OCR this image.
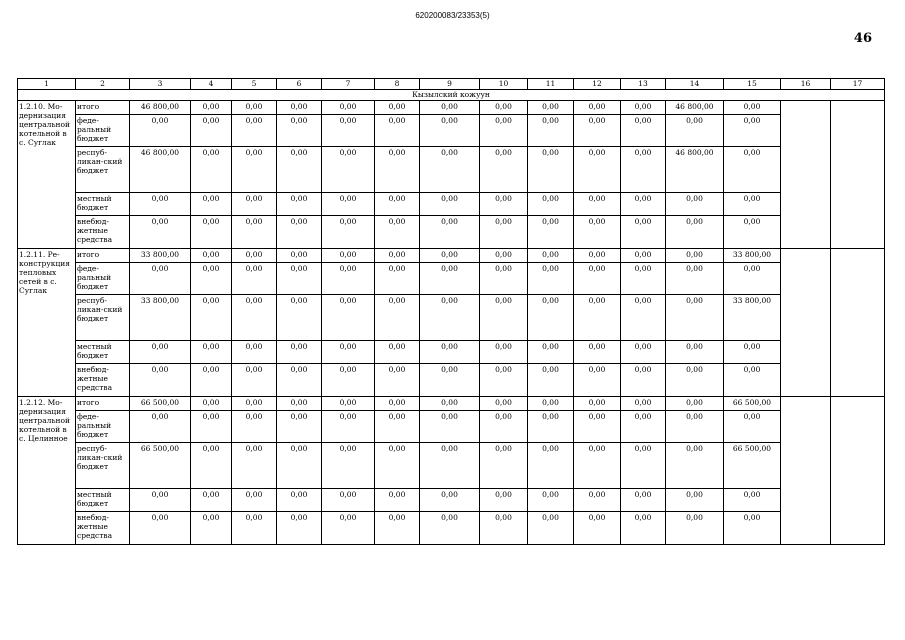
620200083/23353(5)
46
1	2	3	4	5	6	7	8	9	10	11	12	13	14	15	16	17
Кызылский кожуун																
1.2.10. Мо-дернизация центральной котельной в с. Суглак	итого	46 800,00	0,00	0,00	0,00	0,00	0,00	0,00	0,00	0,00	0,00	0,00	46 800,00	0,00		
	феде-ральный бюджет	0,00	0,00	0,00	0,00	0,00	0,00	0,00	0,00	0,00	0,00	0,00	0,00	0,00		
	респуб-ликан-ский бюджет	46 800,00	0,00	0,00	0,00	0,00	0,00	0,00	0,00	0,00	0,00	0,00	46 800,00	0,00		
	местный бюджет	0,00	0,00	0,00	0,00	0,00	0,00	0,00	0,00	0,00	0,00	0,00	0,00	0,00		
	внебюд-жетные средства	0,00	0,00	0,00	0,00	0,00	0,00	0,00	0,00	0,00	0,00	0,00	0,00	0,00		
1.2.11. Ре-конструкция тепловых сетей в с. Суглак	итого	33 800,00	0,00	0,00	0,00	0,00	0,00	0,00	0,00	0,00	0,00	0,00	0,00	33 800,00		
	феде-ральный бюджет	0,00	0,00	0,00	0,00	0,00	0,00	0,00	0,00	0,00	0,00	0,00	0,00	0,00		
	респуб-ликан-ский бюджет	33 800,00	0,00	0,00	0,00	0,00	0,00	0,00	0,00	0,00	0,00	0,00	0,00	33 800,00		
	местный бюджет	0,00	0,00	0,00	0,00	0,00	0,00	0,00	0,00	0,00	0,00	0,00	0,00	0,00		
	внебюд-жетные средства	0,00	0,00	0,00	0,00	0,00	0,00	0,00	0,00	0,00	0,00	0,00	0,00	0,00		
1.2.12. Мо-дернизация центральной котельной в с. Целинное	итого	66 500,00	0,00	0,00	0,00	0,00	0,00	0,00	0,00	0,00	0,00	0,00	0,00	66 500,00		
	феде-ральный бюджет	0,00	0,00	0,00	0,00	0,00	0,00	0,00	0,00	0,00	0,00	0,00	0,00	0,00		
	респуб-ликан-ский бюджет	66 500,00	0,00	0,00	0,00	0,00	0,00	0,00	0,00	0,00	0,00	0,00	0,00	66 500,00		
	местный бюджет	0,00	0,00	0,00	0,00	0,00	0,00	0,00	0,00	0,00	0,00	0,00	0,00	0,00		
	внебюд-жетные средства	0,00	0,00	0,00	0,00	0,00	0,00	0,00	0,00	0,00	0,00	0,00	0,00	0,00		
